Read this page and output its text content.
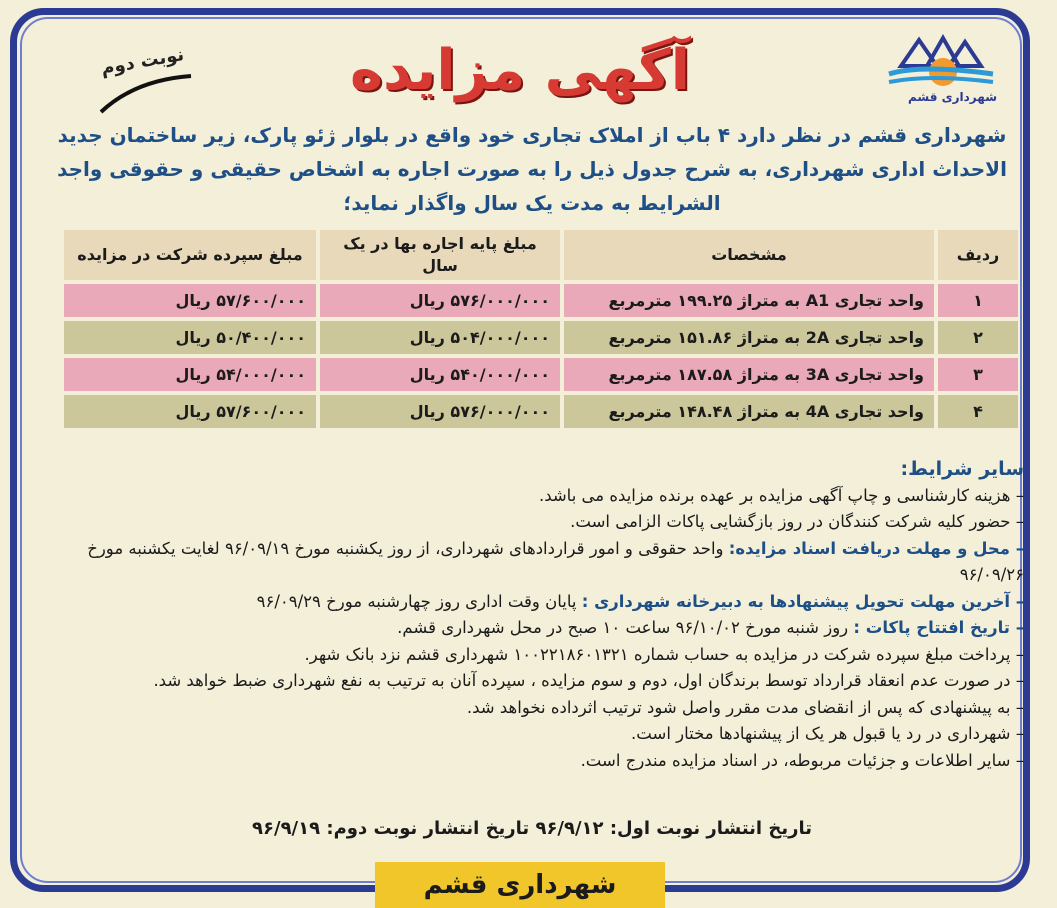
شهرداری قشم
آگهی مزایده
نوبت دوم
شهرداری قشم در نظر دارد ۴ باب از املاک تجاری خود واقع در بلوار ژئو پارک، زیر ساختمان جدید الاحداث اداری شهرداری، به شرح جدول ذیل را به صورت اجاره به اشخاص حقیقی و حقوقی واجد الشرایط به مدت یک سال واگذار نماید؛
ردیف	مشخصات	مبلغ پایه اجاره بها در یک سال	مبلغ سپرده شرکت در مزایده
۱	واحد تجاری A1 به متراژ ۱۹۹.۲۵ مترمربع	۵۷۶/۰۰۰/۰۰۰ ریال	۵۷/۶۰۰/۰۰۰ ریال
۲	واحد تجاری 2A به متراژ ۱۵۱.۸۶ مترمربع	۵۰۴/۰۰۰/۰۰۰ ریال	۵۰/۴۰۰/۰۰۰ ریال
۳	واحد تجاری 3A به متراژ ۱۸۷.۵۸ مترمربع	۵۴۰/۰۰۰/۰۰۰ ریال	۵۴/۰۰۰/۰۰۰ ریال
۴	واحد تجاری 4A به متراژ ۱۴۸.۴۸ مترمربع	۵۷۶/۰۰۰/۰۰۰ ریال	۵۷/۶۰۰/۰۰۰ ریال
سایر شرایط:
– هزینه کارشناسی و چاپ آگهی مزایده بر عهده برنده مزایده می باشد.
– حضور کلیه شرکت کنندگان در روز بازگشایی پاکات الزامی است.
– محل و مهلت دریافت اسناد مزایده: واحد حقوقی و امور قراردادهای شهرداری، از روز یکشنبه مورخ ۹۶/۰۹/۱۹ لغایت یکشنبه مورخ ۹۶/۰۹/۲۶
– آخرین مهلت تحویل پیشنهادها به دبیرخانه شهرداری : پایان وقت اداری روز چهارشنبه مورخ ۹۶/۰۹/۲۹
– تاریخ افتتاح پاکات : روز شنبه مورخ ۹۶/۱۰/۰۲ ساعت ۱۰ صبح در محل شهرداری قشم.
– پرداخت مبلغ سپرده شرکت در مزایده به حساب شماره ۱۰۰۲۲۱۸۶۰۱۳۲۱ شهرداری قشم نزد بانک شهر.
– در صورت عدم انعقاد قرارداد توسط برندگان اول، دوم و سوم مزایده ، سپرده آنان به ترتیب به نفع شهرداری ضبط خواهد شد.
– به پیشنهادی که پس از انقضای مدت مقرر واصل شود ترتیب اثرداده نخواهد شد.
– شهرداری در رد یا قبول هر یک از پیشنهادها مختار است.
– سایر اطلاعات و جزئیات مربوطه، در اسناد مزایده مندرج است.
تاریخ انتشار نوبت اول: ۹۶/۹/۱۲ تاریخ انتشار نوبت دوم: ۹۶/۹/۱۹
شهرداری قشم
